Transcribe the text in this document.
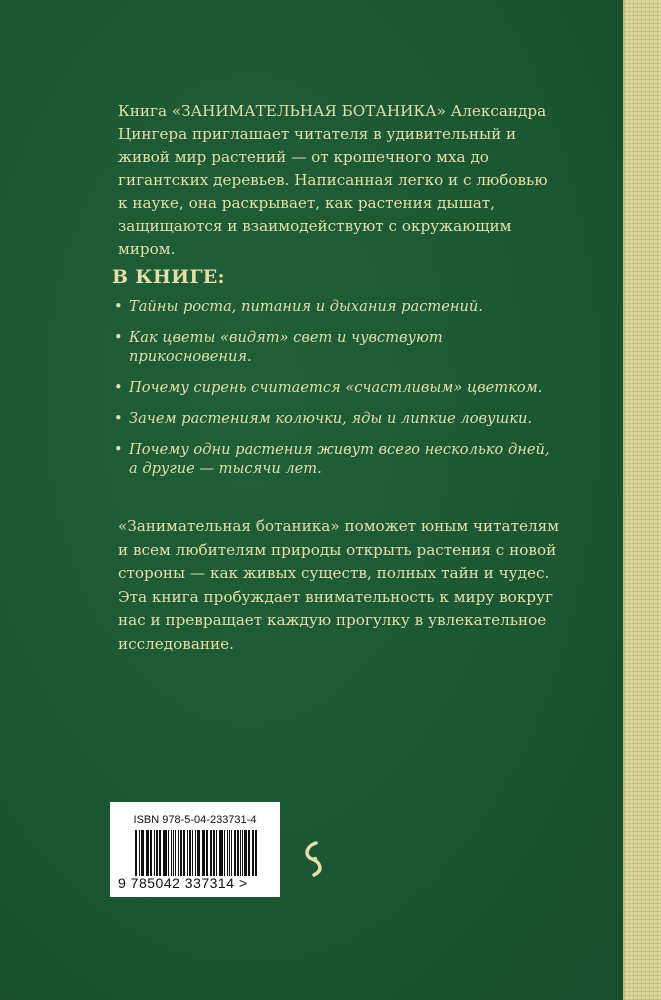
Книга «ЗАНИМАТЕЛЬНАЯ БОТАНИКА» Александра Цингера приглашает читателя в удивительный и живой мир растений — от крошечного мха до гигантских деревьев. Написанная легко и с любовью к науке, она раскрывает, как растения дышат, защищаются и взаимодействуют с окружающим миром.

В КНИГЕ:
• Тайны роста, питания и дыхания растений.
• Как цветы «видят» свет и чувствуют прикосновения.
• Почему сирень считается «счастливым» цветком.
• Зачем растениям колючки, яды и липкие ловушки.
• Почему одни растения живут всего несколько дней, а другие — тысячи лет.

«Занимательная ботаника» поможет юным читателям и всем любителям природы открыть растения с новой стороны — как живых существ, полных тайн и чудес. Эта книга пробуждает внимательность к миру вокруг нас и превращает каждую прогулку в увлекательное исследование.

ISBN 978-5-04-233731-4
9 785042 337314 >
